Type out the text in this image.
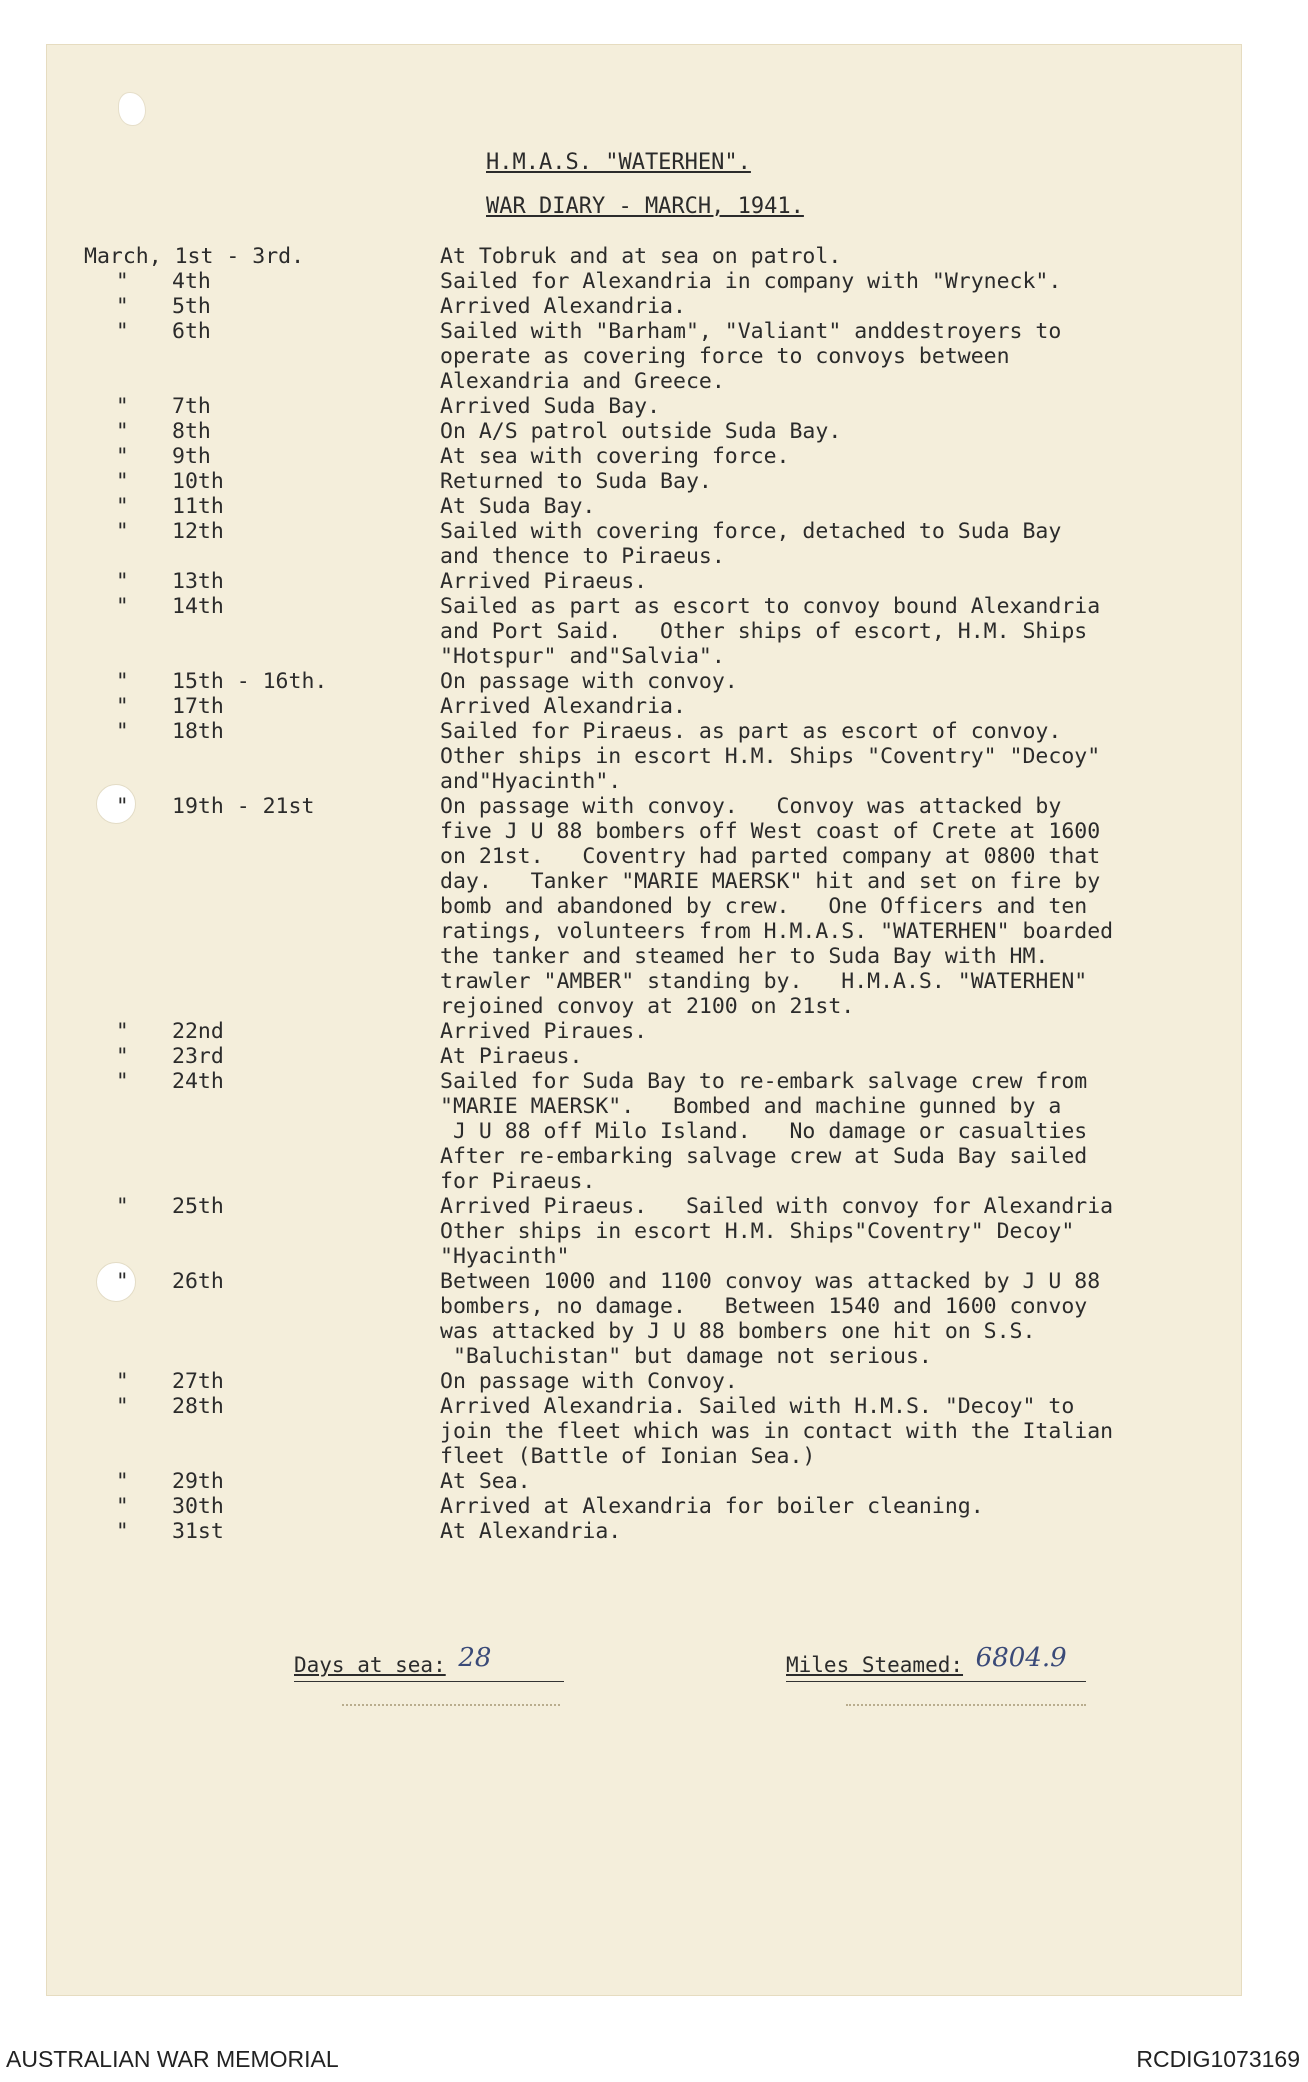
H.M.A.S. "WATERHEN".
WAR DIARY - MARCH, 1941.
March, 1st - 3rd.	At Tobruk and at sea on patrol.
" 4th	Sailed for Alexandria in company with "Wryneck".
" 5th	Arrived Alexandria.
" 6th	Sailed with "Barham", "Valiant" anddestroyers to
operate as covering force to convoys between
Alexandria and Greece.
" 7th	Arrived Suda Bay.
" 8th	On A/S patrol outside Suda Bay.
" 9th	At sea with covering force.
" 10th	Returned to Suda Bay.
" 11th	At Suda Bay.
" 12th	Sailed with covering force, detached to Suda Bay
and thence to Piraeus.
" 13th	Arrived Piraeus.
" 14th	Sailed as part as escort to convoy bound Alexandria
and Port Said.   Other ships of escort, H.M. Ships
"Hotspur" and"Salvia".
" 15th - 16th.	On passage with convoy.
" 17th	Arrived Alexandria.
" 18th	Sailed for Piraeus. as part as escort of convoy.
Other ships in escort H.M. Ships "Coventry" "Decoy"
and"Hyacinth".
" 19th - 21st	On passage with convoy.   Convoy was attacked by
five J U 88 bombers off West coast of Crete at 1600
on 21st.   Coventry had parted company at 0800 that
day.   Tanker "MARIE MAERSK" hit and set on fire by
bomb and abandoned by crew.   One Officers and ten
ratings, volunteers from H.M.A.S. "WATERHEN" boarded
the tanker and steamed her to Suda Bay with HM.
trawler "AMBER" standing by.   H.M.A.S. "WATERHEN"
rejoined convoy at 2100 on 21st.
" 22nd	Arrived Piraues.
" 23rd	At Piraeus.
" 24th	Sailed for Suda Bay to re-embark salvage crew from
"MARIE MAERSK".   Bombed and machine gunned by a
J U 88 off Milo Island.   No damage or casualties
After re-embarking salvage crew at Suda Bay sailed
for Piraeus.
" 25th	Arrived Piraeus.   Sailed with convoy for Alexandria
Other ships in escort H.M. Ships"Coventry" Decoy"
"Hyacinth"
" 26th	Between 1000 and 1100 convoy was attacked by J U 88
bombers, no damage.   Between 1540 and 1600 convoy
was attacked by J U 88 bombers one hit on S.S.
"Baluchistan" but damage not serious.
" 27th	On passage with Convoy.
" 28th	Arrived Alexandria. Sailed with H.M.S. "Decoy" to
join the fleet which was in contact with the Italian
fleet (Battle of Ionian Sea.)
" 29th	At Sea.
" 30th	Arrived at Alexandria for boiler cleaning.
" 31st	At Alexandria.
Days at sea: 28	Miles Steamed: 6804.9
AUSTRALIAN WAR MEMORIAL	RCDIG1073169
